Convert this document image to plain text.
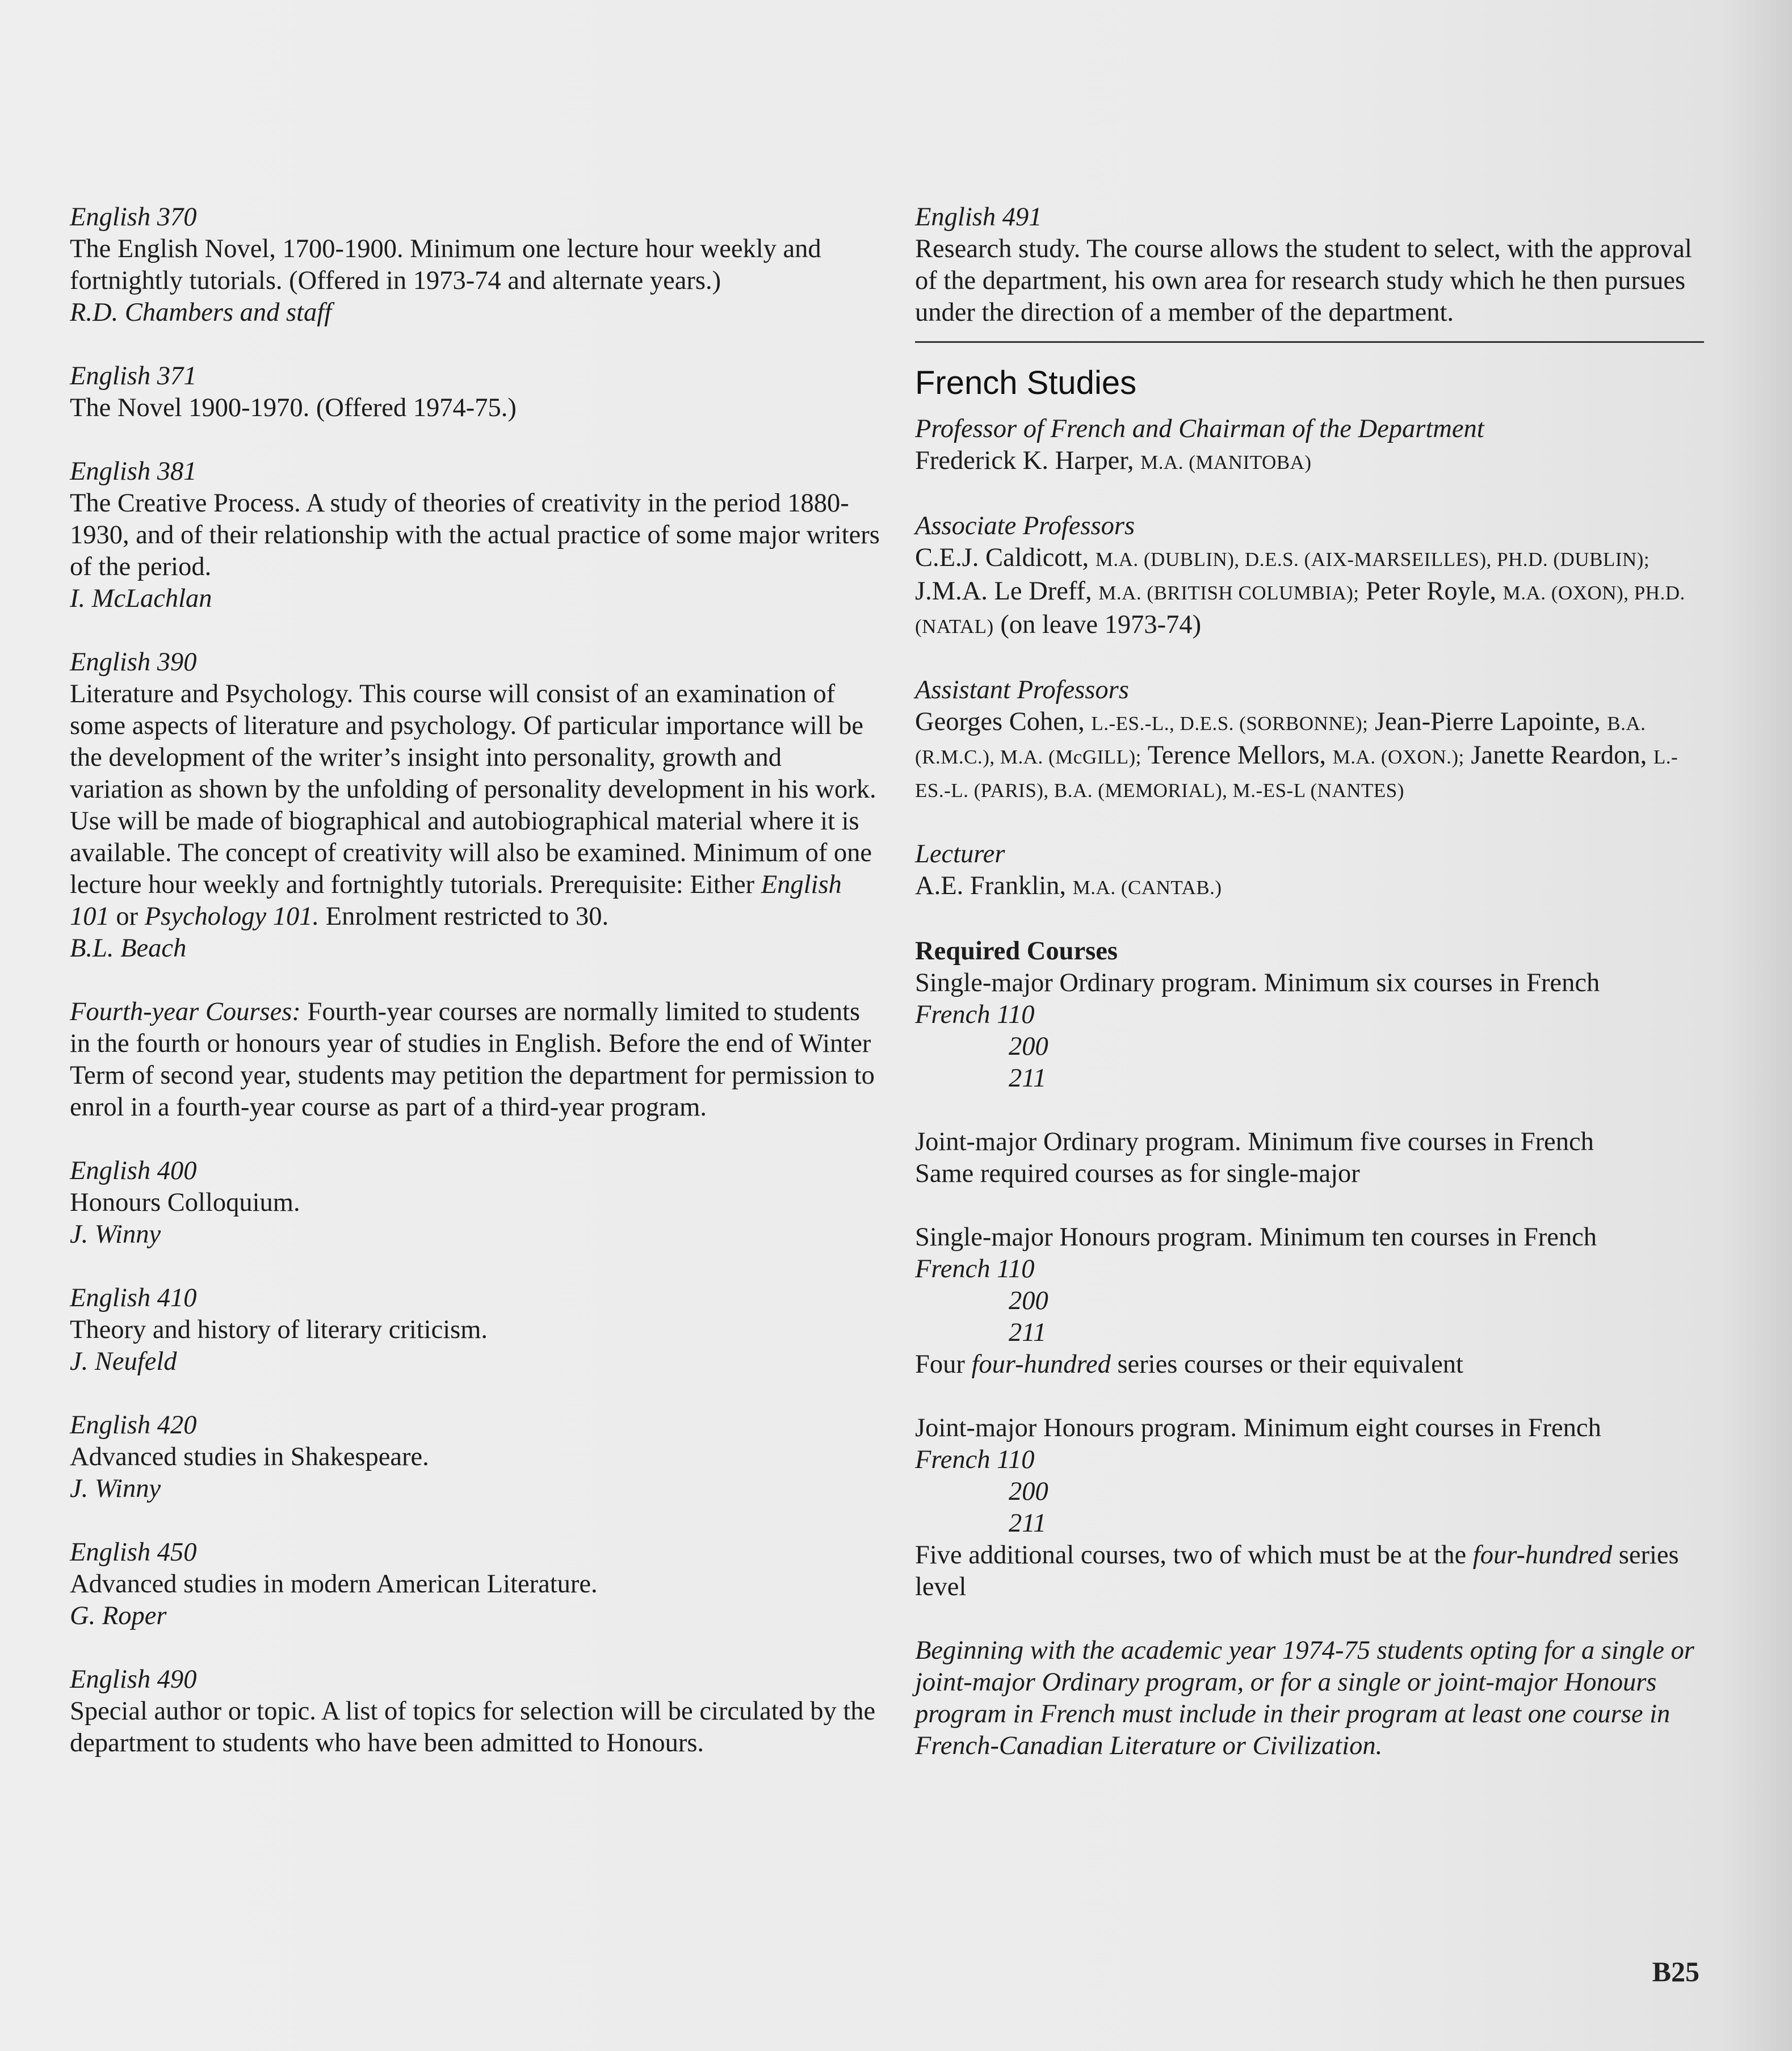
English 370

The English Novel, 1700-1900. Minimum one lecture hour weekly and fortnightly tutorials. (Offered in 1973-74 and alternate years.)

R.D. Chambers and staff
English 371

The Novel 1900-1970. (Offered 1974-75.)

English 381

The Creative Process. A study of theories of creativity in the period 1880-1930, and of their relationship with the actual practice of some major writers of the period.

I. McLachlan
English 390

Literature and Psychology. This course will consist of an examination of some aspects of literature and psychology. Of particular importance will be the development of the writer’s insight into personality, growth and variation as shown by the unfolding of personality development in his work. Use will be made of biographical and autobiographical material where it is available. The concept of creativity will also be examined. Minimum of one lecture hour weekly and fortnightly tutorials. Prerequisite: Either English 101 or Psychology 101. Enrolment restricted to 30.

B.L. Beach

Fourth-year Courses: Fourth-year courses are normally limited to students in the fourth or honours year of studies in English. Before the end of Winter Term of second year, students may petition the department for permission to enrol in a fourth-year course as part of a third-year program.

English 400

Honours Colloquium.

J. Winny
English 410

Theory and history of literary criticism.

J. Neufeld
English 420

Advanced studies in Shakespeare.

J. Winny
English 450

Advanced studies in modern American Literature.

G. Roper
English 490

Special author or topic. A list of topics for selection will be circulated by the department to students who have been admitted to Honours.

English 491

Research study. The course allows the student to select, with the approval of the department, his own area for research study which he then pursues under the direction of a member of the department.

French Studies
Professor of French and Chairman of the Department

Frederick K. Harper, M.A. (MANITOBA)

Associate Professors

C.E.J. Caldicott, M.A. (DUBLIN), D.E.S. (AIX-MARSEILLES), PH.D. (DUBLIN); J.M.A. Le Dreff, M.A. (BRITISH COLUMBIA); Peter Royle, M.A. (OXON), PH.D. (NATAL) (on leave 1973-74)

Assistant Professors

Georges Cohen, L.-ES.-L., D.E.S. (SORBONNE); Jean-Pierre Lapointe, B.A. (R.M.C.), M.A. (McGILL); Terence Mellors, M.A. (OXON.); Janette Reardon, L.-ES.-L. (PARIS), B.A. (MEMORIAL), M.-ES-L (NANTES)

Lecturer

A.E. Franklin, M.A. (CANTAB.)

Required Courses

Single-major Ordinary program. Minimum six courses in French

French 110
200
211

Joint-major Ordinary program. Minimum five courses in French

Same required courses as for single-major

Single-major Honours program. Minimum ten courses in French

French 110
200
211

Four four-hundred series courses or their equivalent

Joint-major Honours program. Minimum eight courses in French

French 110
200
211

Five additional courses, two of which must be at the four-hundred series level

Beginning with the academic year 1974-75 students opting for a single or joint-major Ordinary program, or for a single or joint-major Honours program in French must include in their program at least one course in French-Canadian Literature or Civilization.

B25
